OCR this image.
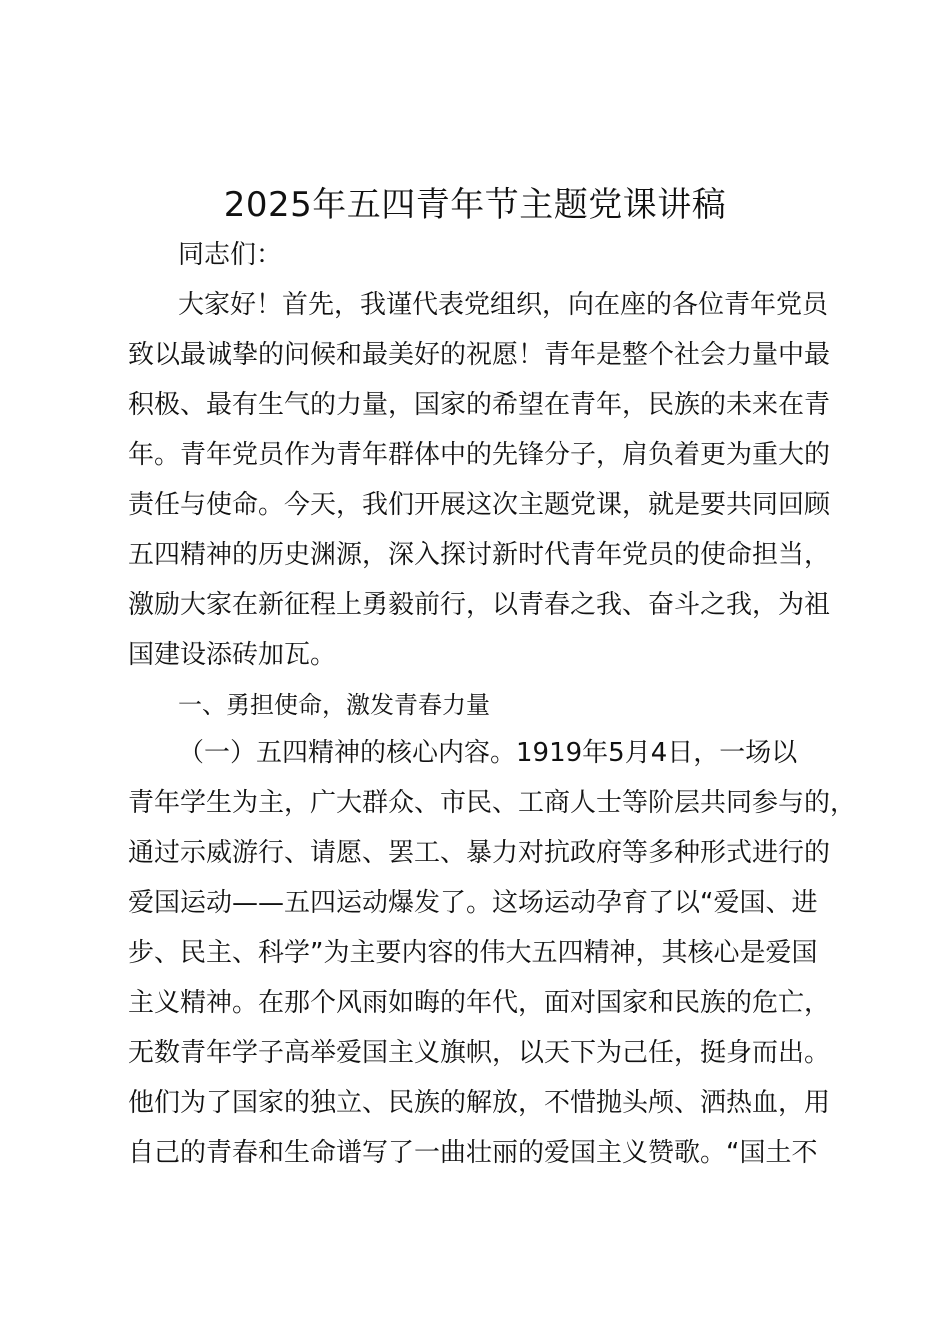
2025年五四青年节主题党课讲稿
同志们：
大家好！首先，我谨代表党组织，向在座的各位青年党员
致以最诚挚的问候和最美好的祝愿！青年是整个社会力量中最
积极、最有生气的力量，国家的希望在青年，民族的未来在青
年。青年党员作为青年群体中的先锋分子，肩负着更为重大的
责任与使命。今天，我们开展这次主题党课，就是要共同回顾
五四精神的历史渊源，深入探讨新时代青年党员的使命担当，
激励大家在新征程上勇毅前行，以青春之我、奋斗之我，为祖
国建设添砖加瓦。
一、勇担使命，激发青春力量
（一）五四精神的核心内容。1919年5月4日，一场以
青年学生为主，广大群众、市民、工商人士等阶层共同参与的，
通过示威游行、请愿、罢工、暴力对抗政府等多种形式进行的
爱国运动——五四运动爆发了。这场运动孕育了以“爱国、进
步、民主、科学”为主要内容的伟大五四精神，其核心是爱国
主义精神。在那个风雨如晦的年代，面对国家和民族的危亡，
无数青年学子高举爱国主义旗帜，以天下为己任，挺身而出。
他们为了国家的独立、民族的解放，不惜抛头颅、洒热血，用
自己的青春和生命谱写了一曲壮丽的爱国主义赞歌。“国土不
